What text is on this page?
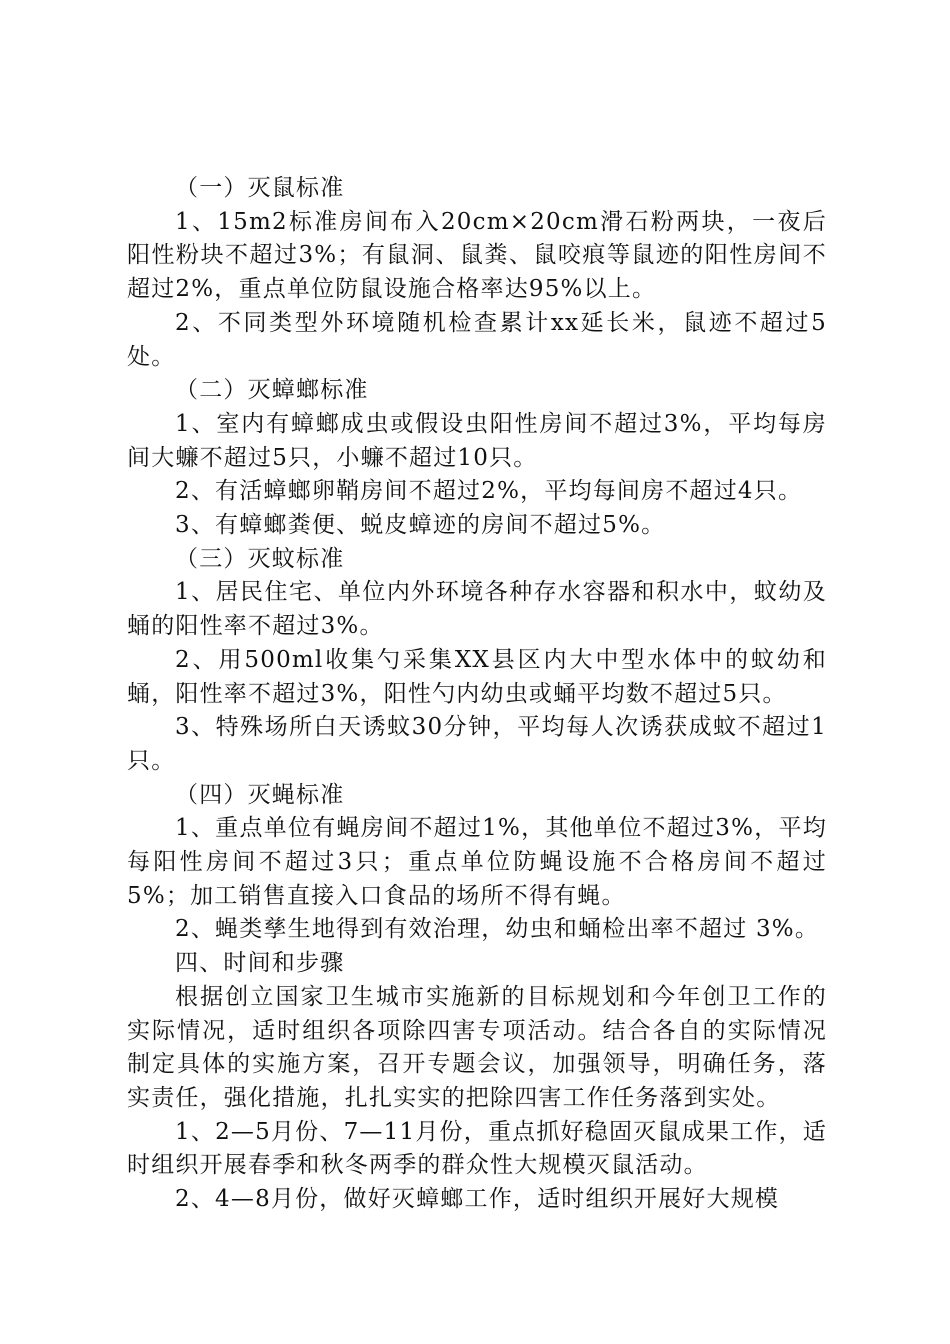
（一）灭鼠标准

1、15m2标准房间布入20cm×20cm滑石粉两块，一夜后阳性粉块不超过3%；有鼠洞、鼠粪、鼠咬痕等鼠迹的阳性房间不超过2%，重点单位防鼠设施合格率达95%以上。

2、不同类型外环境随机检查累计xx延长米，鼠迹不超过5处。

（二）灭蟑螂标准

1、室内有蟑螂成虫或假设虫阳性房间不超过3%，平均每房间大蠊不超过5只，小蠊不超过10只。

2、有活蟑螂卵鞘房间不超过2%，平均每间房不超过4只。

3、有蟑螂粪便、蜕皮蟑迹的房间不超过5%。

（三）灭蚊标准

1、居民住宅、单位内外环境各种存水容器和积水中，蚊幼及蛹的阳性率不超过3%。

2、用500ml收集勺采集XX县区内大中型水体中的蚊幼和蛹，阳性率不超过3%，阳性勺内幼虫或蛹平均数不超过5只。

3、特殊场所白天诱蚊30分钟，平均每人次诱获成蚊不超过1只。

（四）灭蝇标准

1、重点单位有蝇房间不超过1%，其他单位不超过3%，平均每阳性房间不超过3只；重点单位防蝇设施不合格房间不超过5%；加工销售直接入口食品的场所不得有蝇。

2、蝇类孳生地得到有效治理，幼虫和蛹检出率不超过 3%。

四、时间和步骤

根据创立国家卫生城市实施新的目标规划和今年创卫工作的实际情况，适时组织各项除四害专项活动。结合各自的实际情况制定具体的实施方案，召开专题会议，加强领导，明确任务，落实责任，强化措施，扎扎实实的把除四害工作任务落到实处。

1、2—5月份、7—11月份，重点抓好稳固灭鼠成果工作，适时组织开展春季和秋冬两季的群众性大规模灭鼠活动。

2、4—8月份，做好灭蟑螂工作，适时组织开展好大规模
